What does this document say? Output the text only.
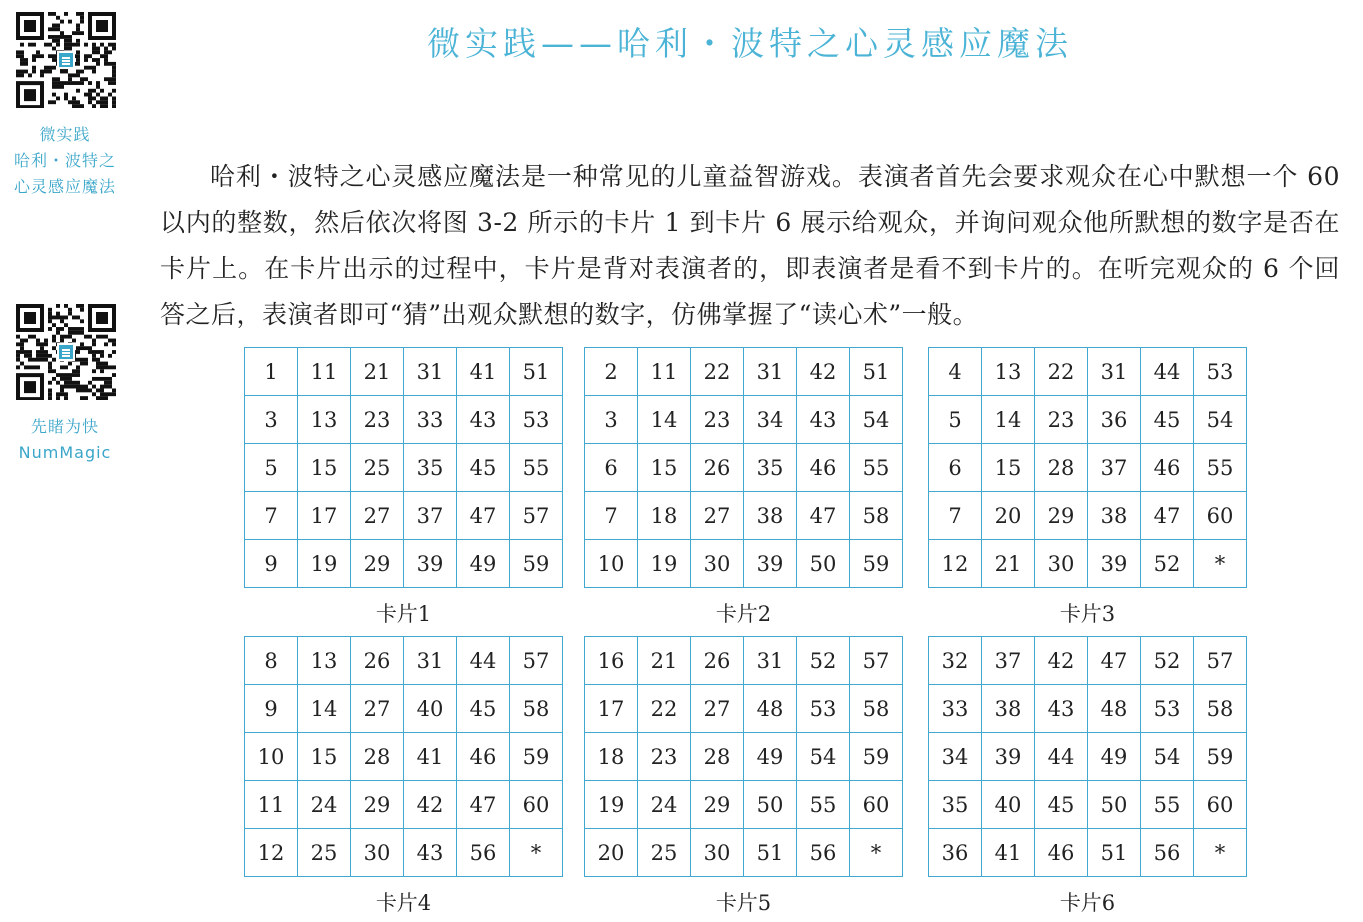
微实践
哈利・波特之
心灵感应魔法
先睹为快
NumMagic
微实践——哈利・波特之心灵感应魔法

哈利・波特之心灵感应魔法是一种常见的儿童益智游戏。表演者首先会要求观众在心中默想一个 60 以内的整数，然后依次将图 3-2 所示的卡片 1 到卡片 6 展示给观众，并询问观众他所默想的数字是否在卡片上。在卡片出示的过程中，卡片是背对表演者的，即表演者是看不到卡片的。在听完观众的 6 个回答之后，表演者即可“猜”出观众默想的数字，仿佛掌握了“读心术”一般。

1	11	21	31	41	51
3	13	23	33	43	53
5	15	25	35	45	55
7	17	27	37	47	57
9	19	29	39	49	59
卡片1
2	11	22	31	42	51
3	14	23	34	43	54
6	15	26	35	46	55
7	18	27	38	47	58
10	19	30	39	50	59
卡片2
4	13	22	31	44	53
5	14	23	36	45	54
6	15	28	37	46	55
7	20	29	38	47	60
12	21	30	39	52	*
卡片3
8	13	26	31	44	57
9	14	27	40	45	58
10	15	28	41	46	59
11	24	29	42	47	60
12	25	30	43	56	*
卡片4
16	21	26	31	52	57
17	22	27	48	53	58
18	23	28	49	54	59
19	24	29	50	55	60
20	25	30	51	56	*
卡片5
32	37	42	47	52	57
33	38	43	48	53	58
34	39	44	49	54	59
35	40	45	50	55	60
36	41	46	51	56	*
卡片6
